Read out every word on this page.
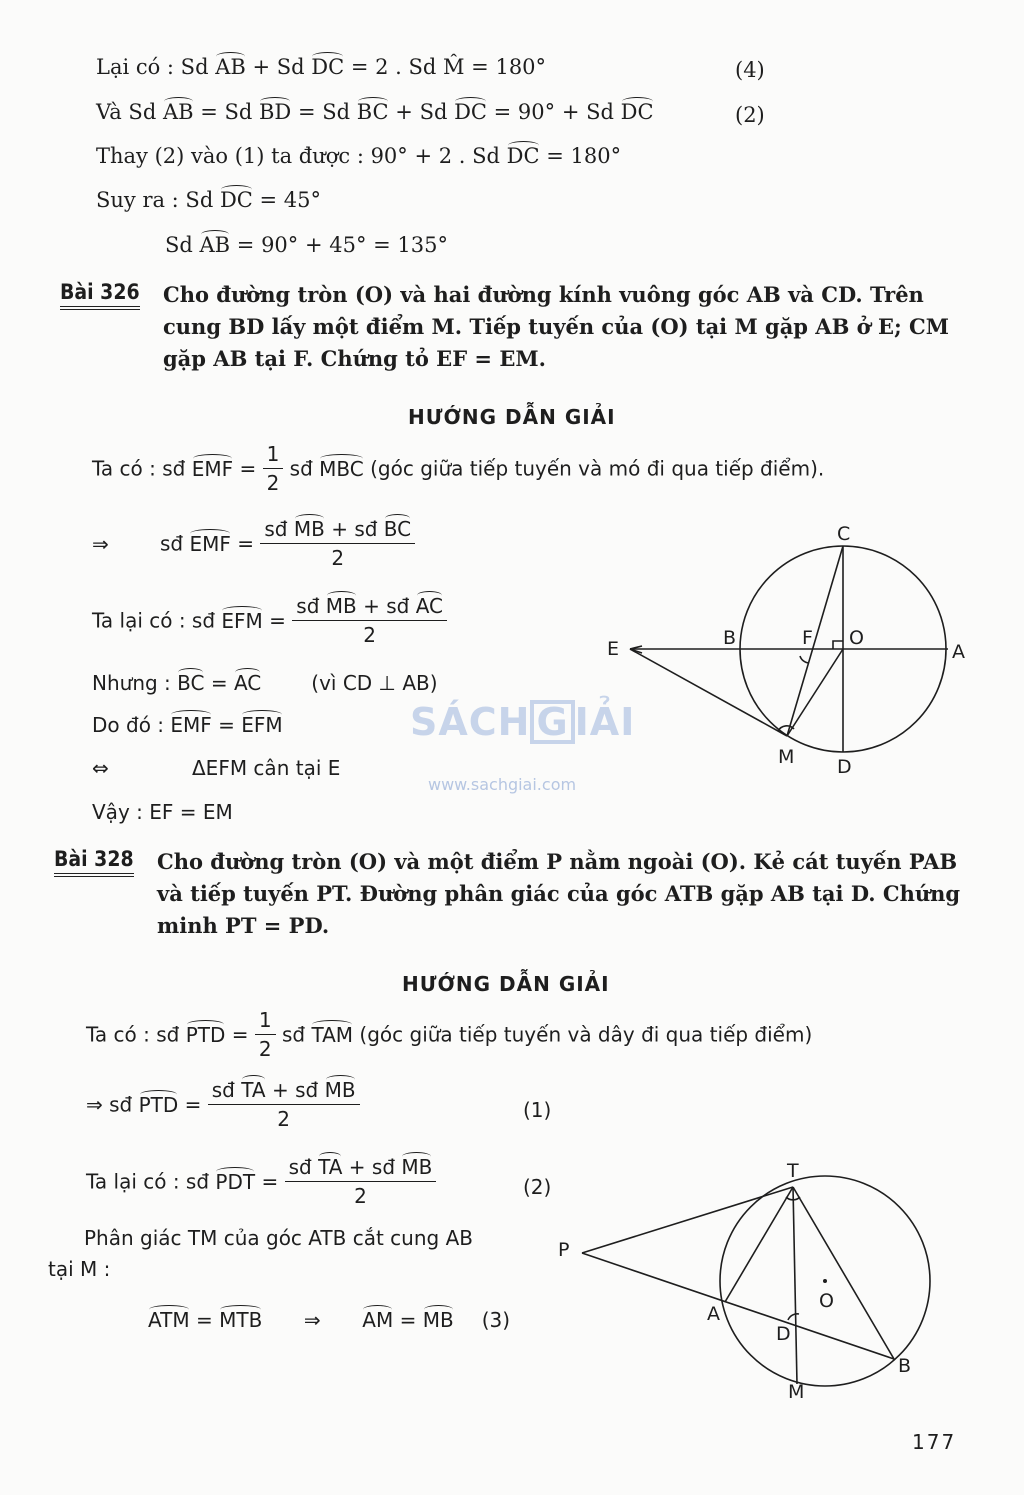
Lại có : Sd AB + Sd DC = 2 . Sd M̂ = 180°	(4)
Và Sd AB = Sd BD = Sd BC + Sd DC = 90° + Sd DC	(2)
Thay (2) vào (1) ta được : 90° + 2 . Sd DC = 180°
Suy ra : Sd DC = 45°
Sd AB = 90° + 45° = 135°
Bài 326 Cho đường tròn (O) và hai đường kính vuông góc AB và CD. Trên cung BD lấy một điểm M. Tiếp tuyến của (O) tại M gặp AB ở E; CM gặp AB tại F. Chứng tỏ EF = EM.
HƯỚNG DẪN GIẢI
Ta có : sđ EMF = $\frac{1}{2}$ sđ MBC (góc giữa tiếp tuyến và mó đi qua tiếp điểm).
⇒	sđ EMF = $\frac{\text{sđ MB + sđ BC}}{2}$
Ta lại có : sđ EFM = $\frac{\text{sđ MB + sđ AC}}{2}$
Nhưng : BC = AC	(vì CD ⊥ AB)
Do đó : EMF = EFM
⇔	ΔEFM cân tại E
Vậy : EF = EM
C
B	F O
A
E
M D
SÁCH G IẢI
www.sachgiai.com
Bài 328 Cho đường tròn (O) và một điểm P nằm ngoài (O). Kẻ cát tuyến PAB và tiếp tuyến PT. Đường phân giác của góc ATB gặp AB tại D. Chứng minh PT = PD.
HƯỚNG DẪN GIẢI
Ta có : sđ PTD = $\frac{1}{2}$ sđ TAM (góc giữa tiếp tuyến và dây đi qua tiếp điểm)
⇒ sđ PTD = $\frac{\text{sđ TA + sđ MB}}{2}$	(1)
Ta lại có : sđ PDT = $\frac{\text{sđ TA + sđ MB}}{2}$	(2)
Phân giác TM của góc ATB cắt cung AB
tại M :
ATM = MTB ⇒ AM = MB (3)
T
P
O
A
D
B
M
177
